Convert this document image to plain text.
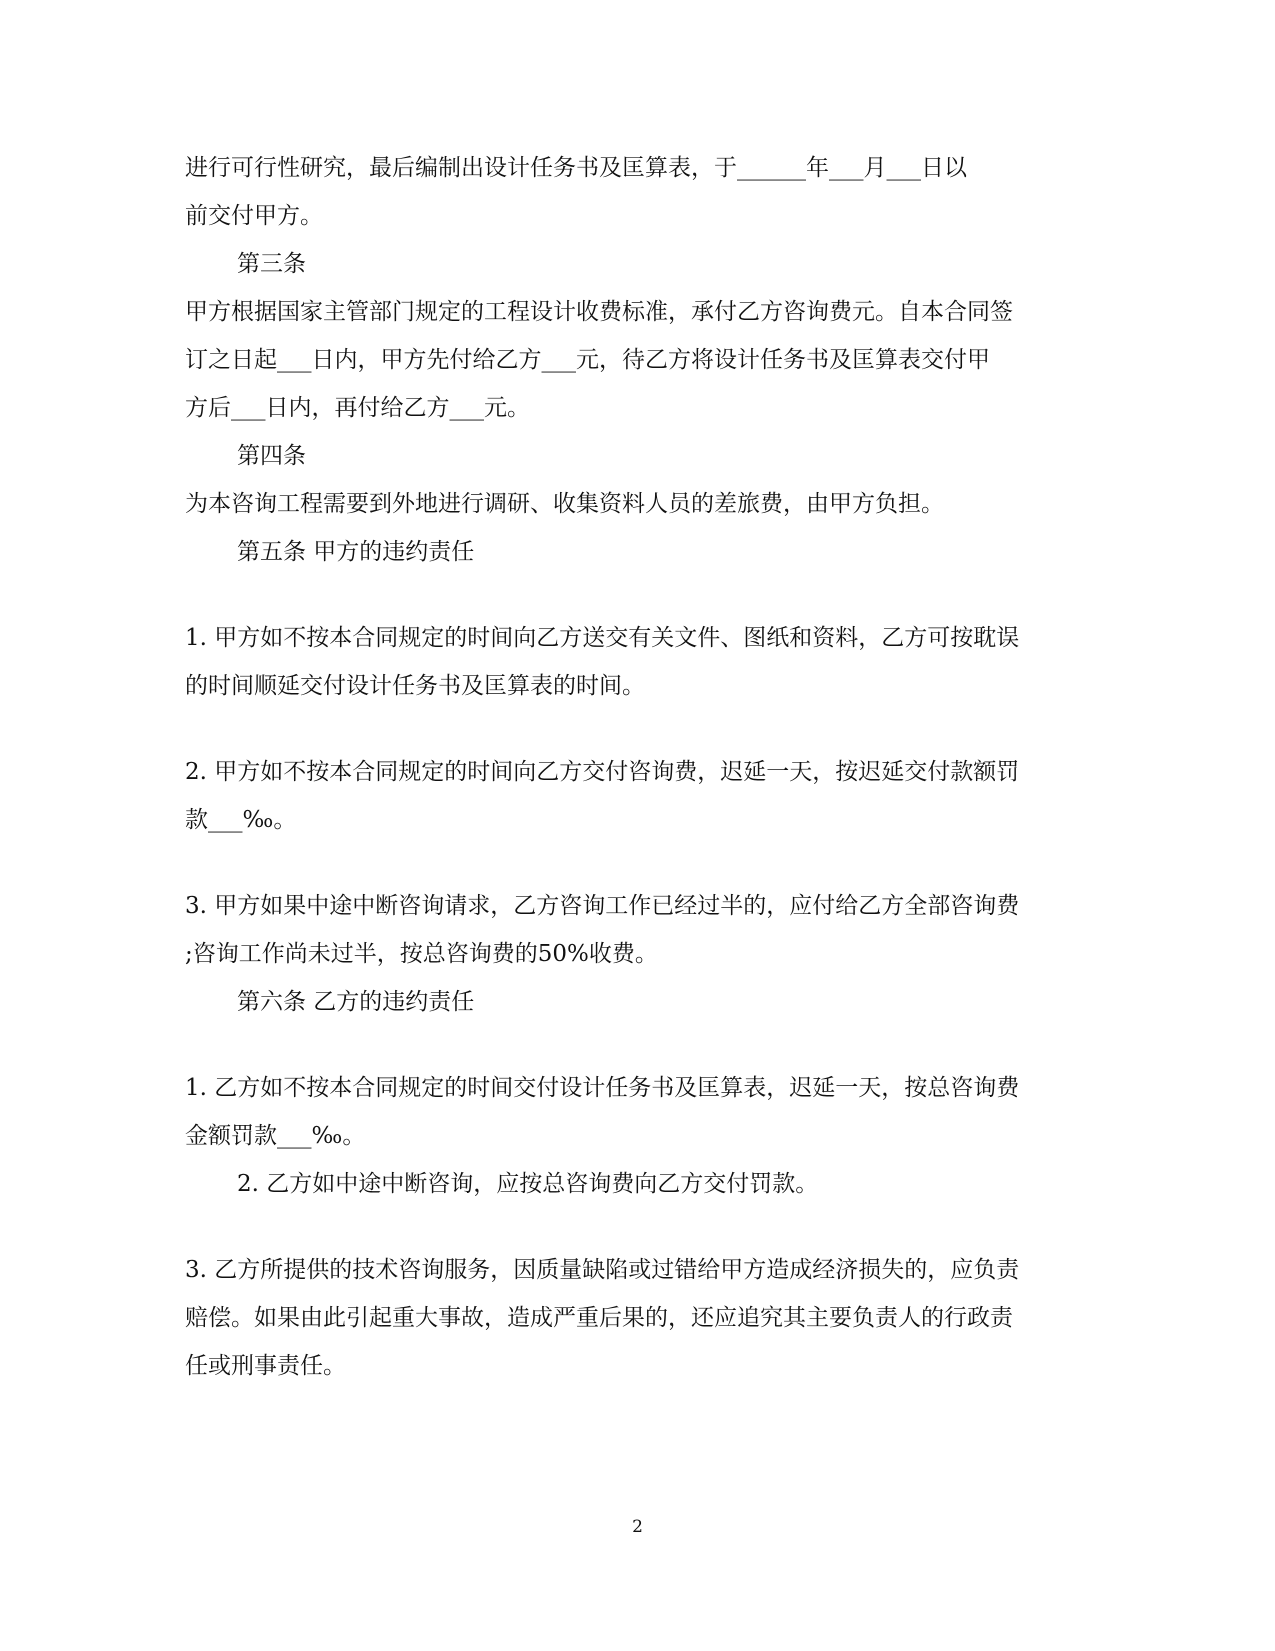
进行可行性研究，最后编制出设计任务书及匡算表，于______年___月___日以
前交付甲方。
第三条
甲方根据国家主管部门规定的工程设计收费标准，承付乙方咨询费元。自本合同签
订之日起___日内，甲方先付给乙方___元，待乙方将设计任务书及匡算表交付甲
方后___日内，再付给乙方___元。
第四条
为本咨询工程需要到外地进行调研、收集资料人员的差旅费，由甲方负担。
第五条 甲方的违约责任
1. 甲方如不按本合同规定的时间向乙方送交有关文件、图纸和资料，乙方可按耽误
的时间顺延交付设计任务书及匡算表的时间。
2. 甲方如不按本合同规定的时间向乙方交付咨询费，迟延一天，按迟延交付款额罚
款___‰。
3. 甲方如果中途中断咨询请求，乙方咨询工作已经过半的，应付给乙方全部咨询费
;咨询工作尚未过半，按总咨询费的50%收费。
第六条 乙方的违约责任
1. 乙方如不按本合同规定的时间交付设计任务书及匡算表，迟延一天，按总咨询费
金额罚款___‰。
2. 乙方如中途中断咨询，应按总咨询费向乙方交付罚款。
3. 乙方所提供的技术咨询服务，因质量缺陷或过错给甲方造成经济损失的，应负责
赔偿。如果由此引起重大事故，造成严重后果的，还应追究其主要负责人的行政责
任或刑事责任。
2
